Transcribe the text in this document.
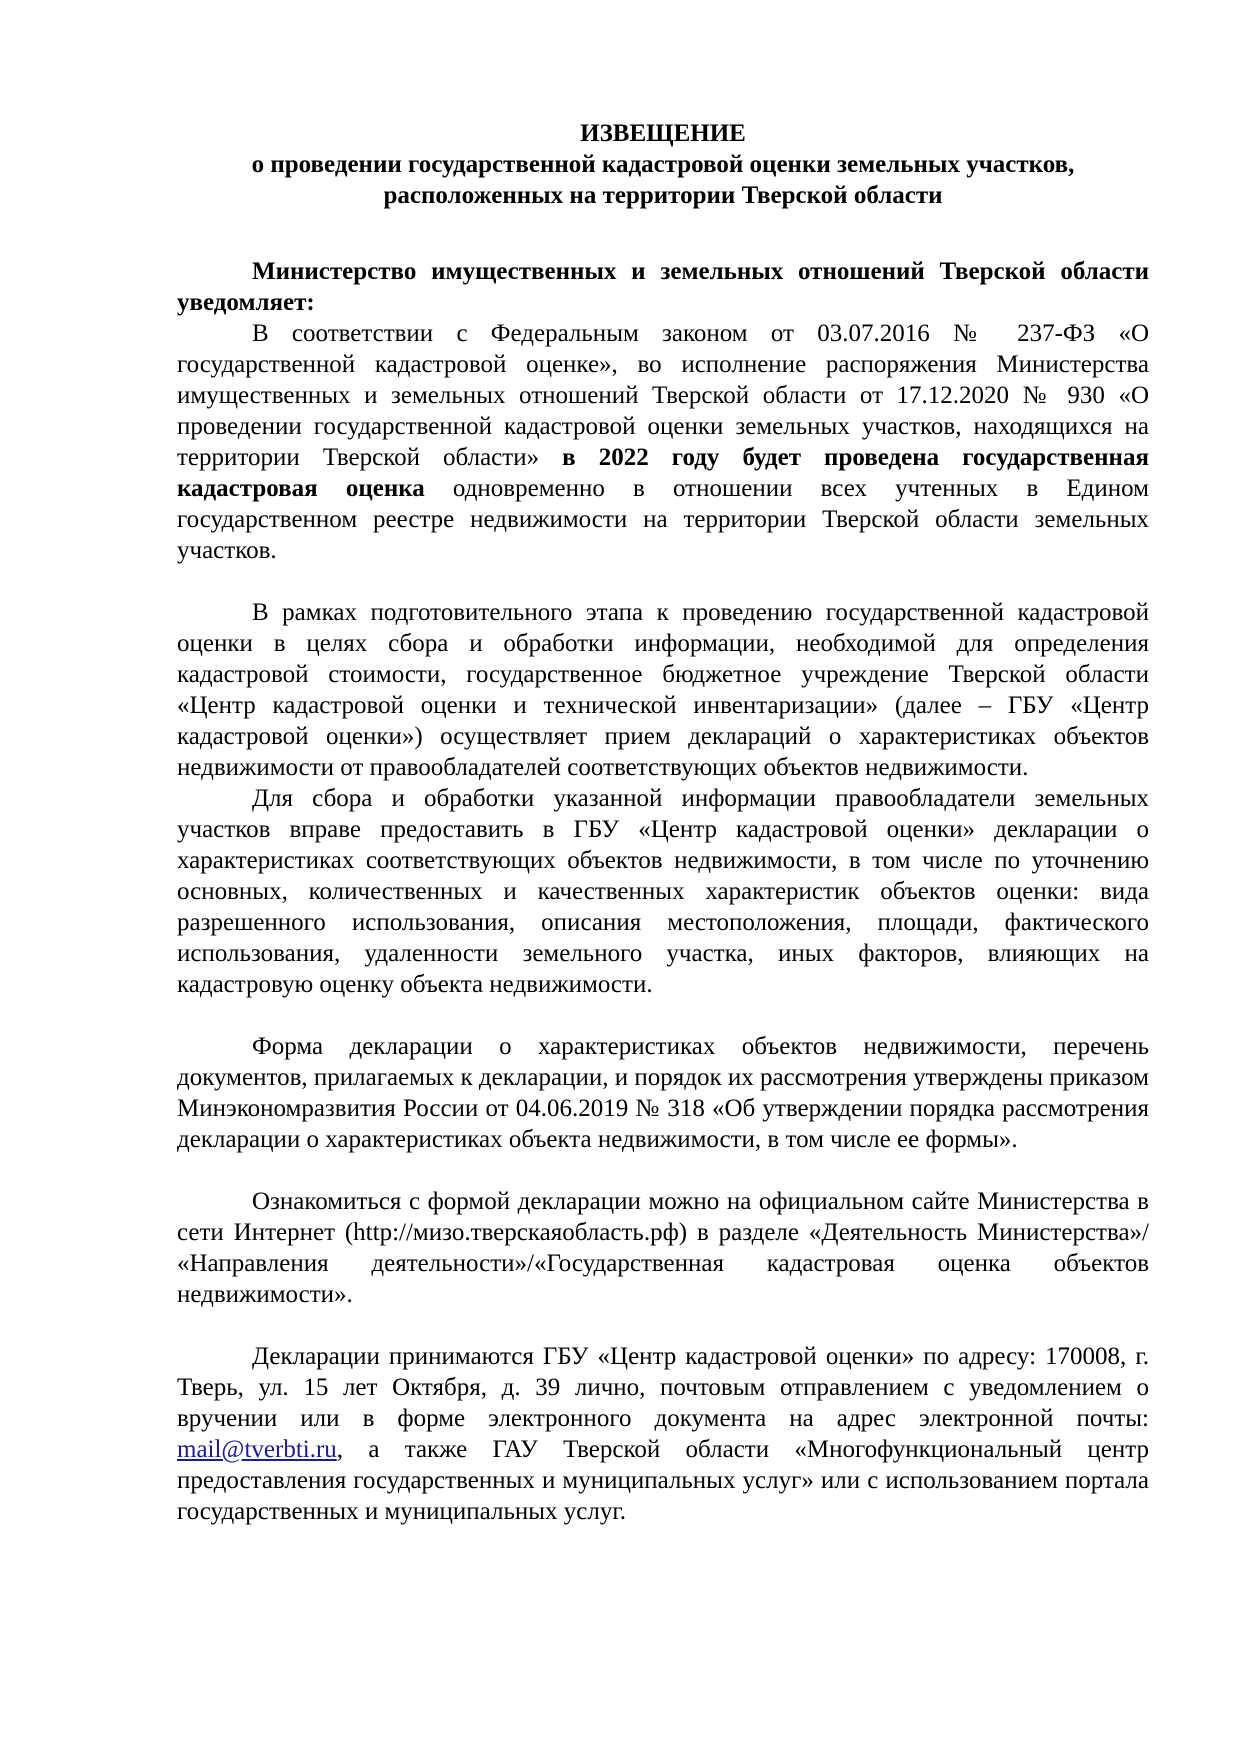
ИЗВЕЩЕНИЕ
о проведении государственной кадастровой оценки земельных участков,
расположенных на территории Тверской области

Министерство имущественных и земельных отношений Тверской области уведомляет:

В соответствии с Федеральным законом от 03.07.2016 № 237-ФЗ «О государственной кадастровой оценке», во исполнение распоряжения Министерства имущественных и земельных отношений Тверской области от 17.12.2020 № 930 «О проведении государственной кадастровой оценки земельных участков, находящихся на территории Тверской области» в 2022 году будет проведена государственная кадастровая оценка одновременно в отношении всех учтенных в Едином государственном реестре недвижимости на территории Тверской области земельных участков.

В рамках подготовительного этапа к проведению государственной кадастровой оценки в целях сбора и обработки информации, необходимой для определения кадастровой стоимости, государственное бюджетное учреждение Тверской области «Центр кадастровой оценки и технической инвентаризации» (далее – ГБУ «Центр кадастровой оценки») осуществляет прием деклараций о характеристиках объектов недвижимости от правообладателей соответствующих объектов недвижимости.

Для сбора и обработки указанной информации правообладатели земельных участков вправе предоставить в ГБУ «Центр кадастровой оценки» декларации о характеристиках соответствующих объектов недвижимости, в том числе по уточнению основных, количественных и качественных характеристик объектов оценки: вида разрешенного использования, описания местоположения, площади, фактического использования, удаленности земельного участка, иных факторов, влияющих на кадастровую оценку объекта недвижимости.

Форма декларации о характеристиках объектов недвижимости, перечень документов, прилагаемых к декларации, и порядок их рассмотрения утверждены приказом Минэкономразвития России от 04.06.2019 № 318 «Об утверждении порядка рассмотрения декларации о характеристиках объекта недвижимости, в том числе ее формы».

Ознакомиться с формой декларации можно на официальном сайте Министерства в сети Интернет (http://мизо.тверскаяобласть.рф) в разделе «Деятельность Министерства»/ «Направления деятельности»/«Государственная кадастровая оценка объектов недвижимости».

Декларации принимаются ГБУ «Центр кадастровой оценки» по адресу: 170008, г. Тверь, ул. 15 лет Октября, д. 39 лично, почтовым отправлением с уведомлением о вручении или в форме электронного документа на адрес электронной почты: mail@tverbti.ru, а также ГАУ Тверской области «Многофункциональный центр предоставления государственных и муниципальных услуг» или с использованием портала государственных и муниципальных услуг.
